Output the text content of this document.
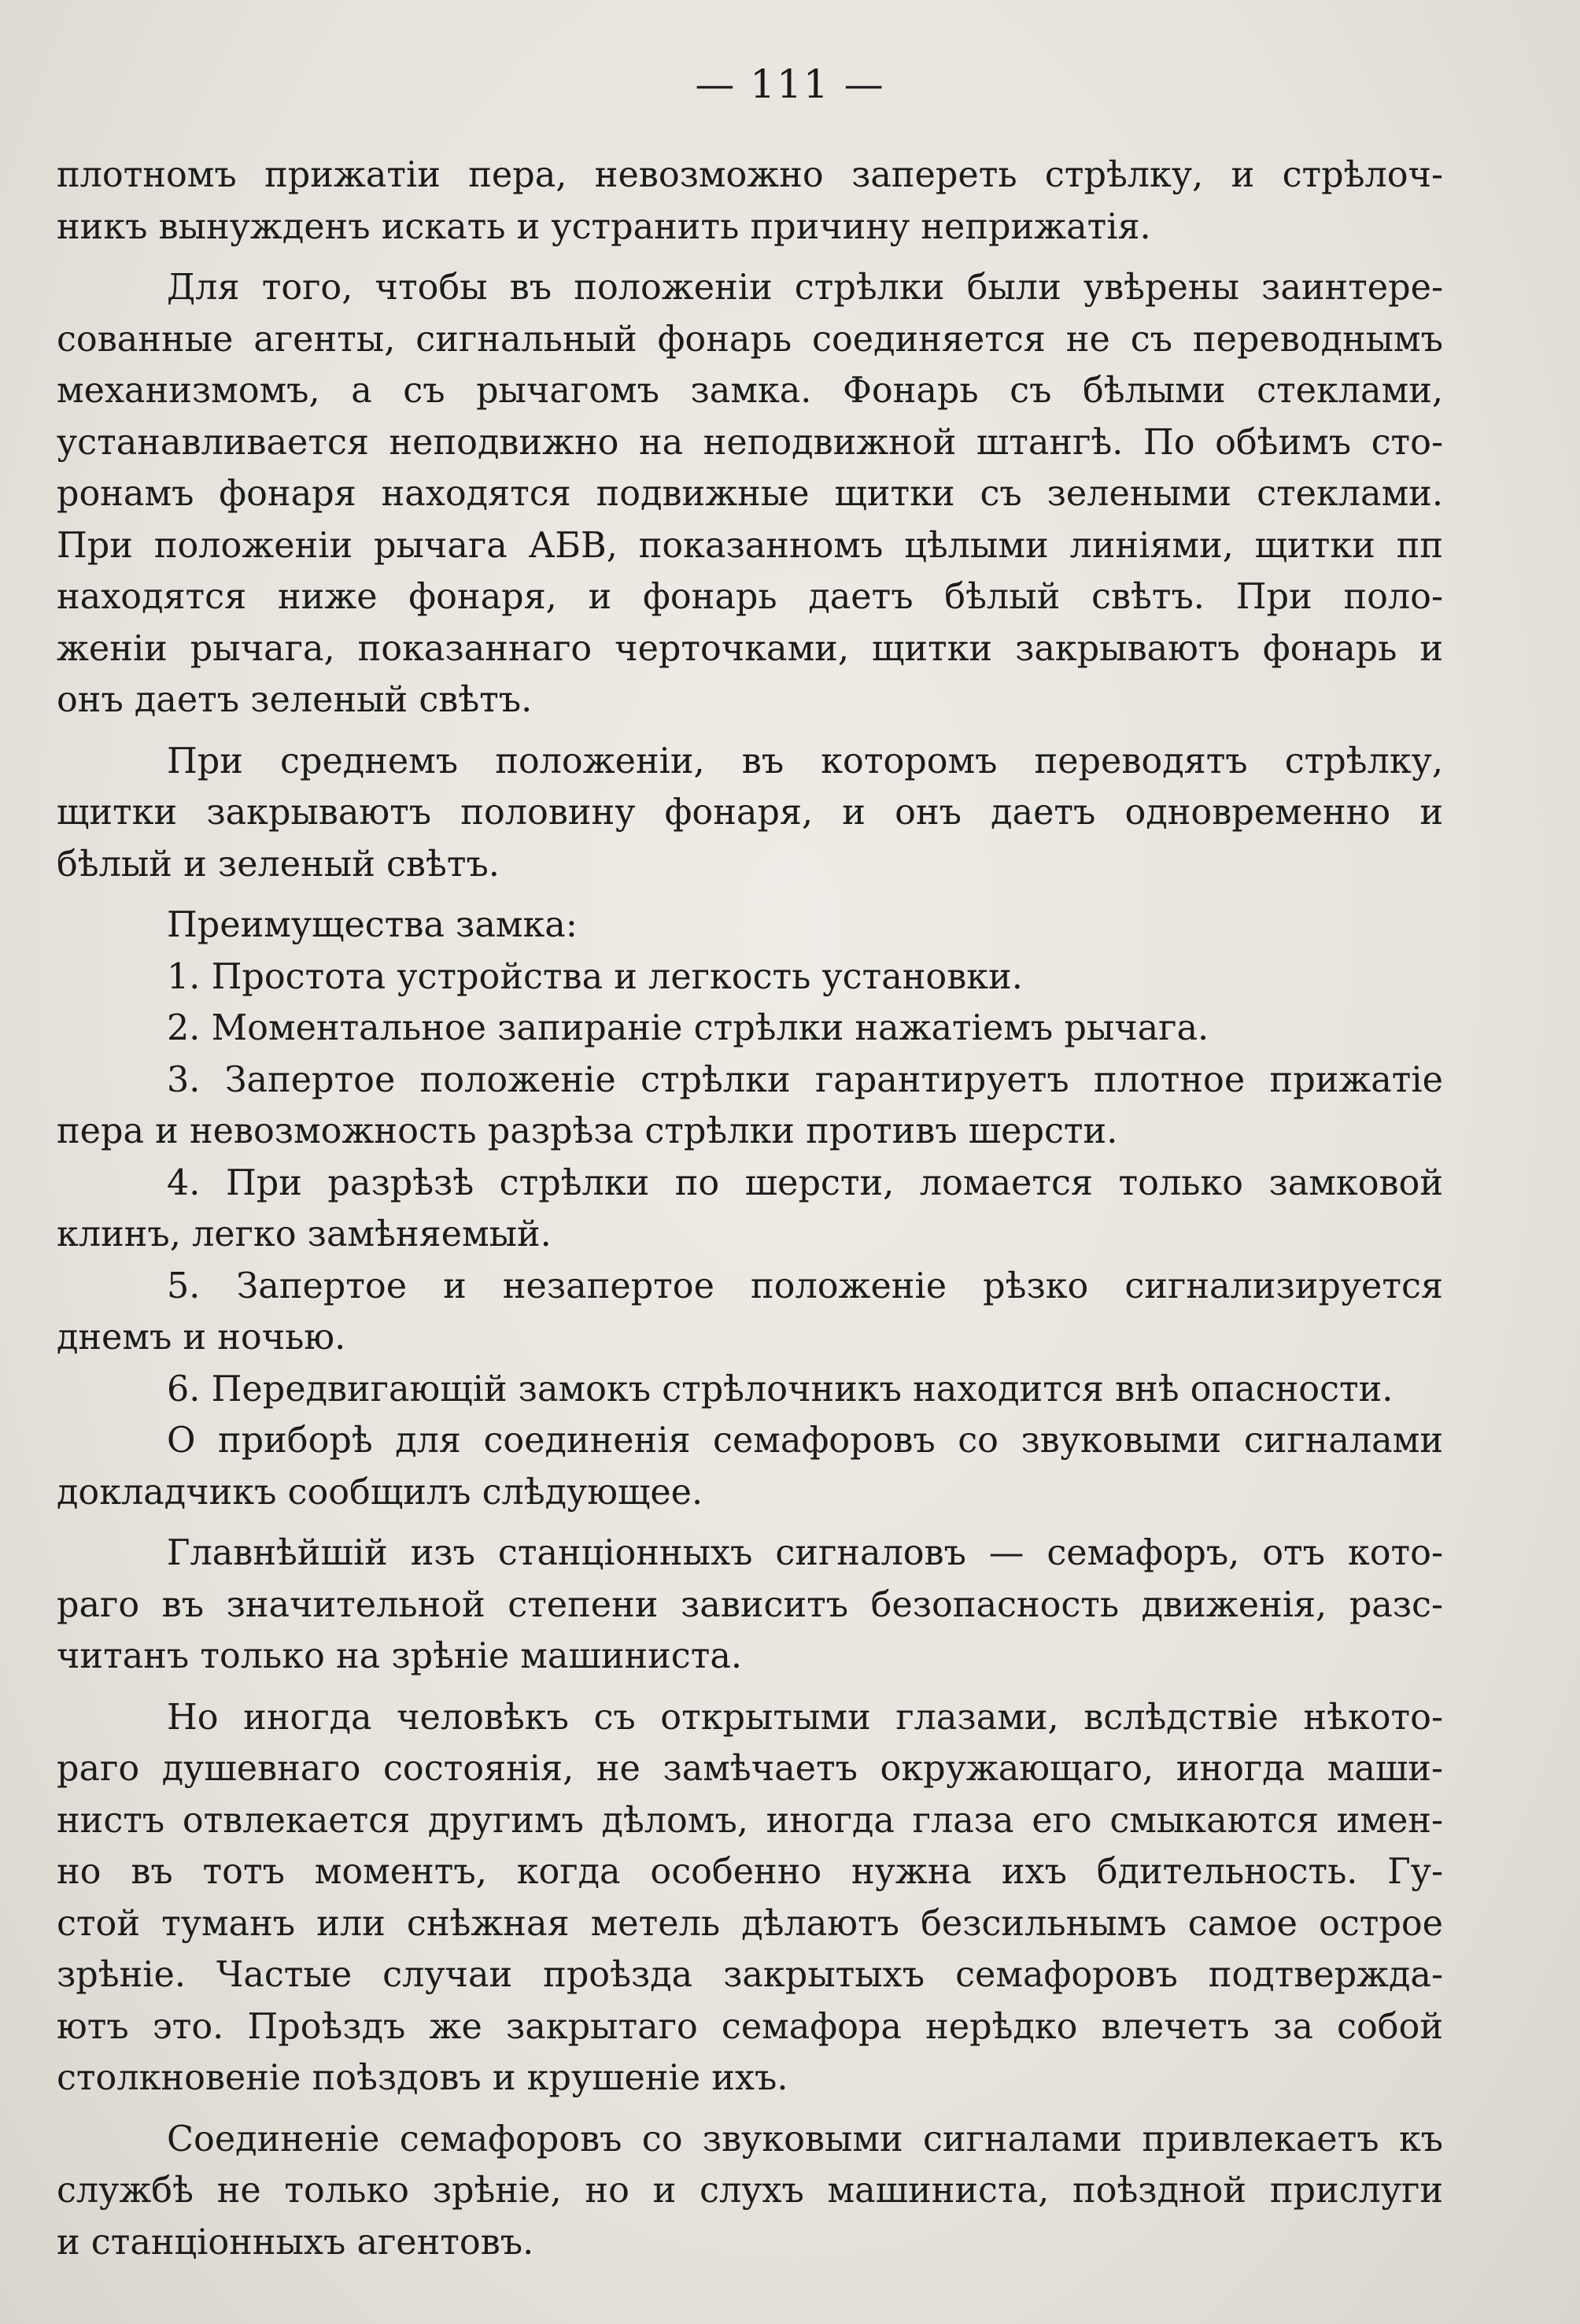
— 111 —
плотномъ прижатіи пера, невозможно запереть стрѣлку, и стрѣлоч-
никъ вынужденъ искать и устранить причину неприжатія.
Для того, чтобы въ положеніи стрѣлки были увѣрены заинтере-
сованные агенты, сигнальный фонарь соединяется не съ переводнымъ
механизмомъ, а съ рычагомъ замка. Фонарь съ бѣлыми стеклами,
устанавливается неподвижно на неподвижной штангѣ. По обѣимъ сто-
ронамъ фонаря находятся подвижные щитки съ зелеными стеклами.
При положеніи рычага АБВ, показанномъ цѣлыми линіями, щитки пп
находятся ниже фонаря, и фонарь даетъ бѣлый свѣтъ. При поло-
женіи рычага, показаннаго черточками, щитки закрываютъ фонарь и
онъ даетъ зеленый свѣтъ.
При среднемъ положеніи, въ которомъ переводятъ стрѣлку,
щитки закрываютъ половину фонаря, и онъ даетъ одновременно и
бѣлый и зеленый свѣтъ.
Преимущества замка:
1. Простота устройства и легкость установки.
2. Моментальное запираніе стрѣлки нажатіемъ рычага.
3. Запертое положеніе стрѣлки гарантируетъ плотное прижатіе
пера и невозможность разрѣза стрѣлки противъ шерсти.
4. При разрѣзѣ стрѣлки по шерсти, ломается только замковой
клинъ, легко замѣняемый.
5. Запертое и незапертое положеніе рѣзко сигнализируется
днемъ и ночью.
6. Передвигающій замокъ стрѣлочникъ находится внѣ опасности.
О приборѣ для соединенія семафоровъ со звуковыми сигналами
докладчикъ сообщилъ слѣдующее.
Главнѣйшій изъ станціонныхъ сигналовъ — семафоръ, отъ кото-
раго въ значительной степени зависитъ безопасность движенія, разс-
читанъ только на зрѣніе машиниста.
Но иногда человѣкъ съ открытыми глазами, вслѣдствіе нѣкото-
раго душевнаго состоянія, не замѣчаетъ окружающаго, иногда маши-
нистъ отвлекается другимъ дѣломъ, иногда глаза его смыкаются имен-
но въ тотъ моментъ, когда особенно нужна ихъ бдительность. Гу-
стой туманъ или снѣжная метель дѣлаютъ безсильнымъ самое острое
зрѣніе. Частые случаи проѣзда закрытыхъ семафоровъ подтвержда-
ютъ это. Проѣздъ же закрытаго семафора нерѣдко влечетъ за собой
столкновеніе поѣздовъ и крушеніе ихъ.
Соединеніе семафоровъ со звуковыми сигналами привлекаетъ къ
службѣ не только зрѣніе, но и слухъ машиниста, поѣздной прислуги
и станціонныхъ агентовъ.
